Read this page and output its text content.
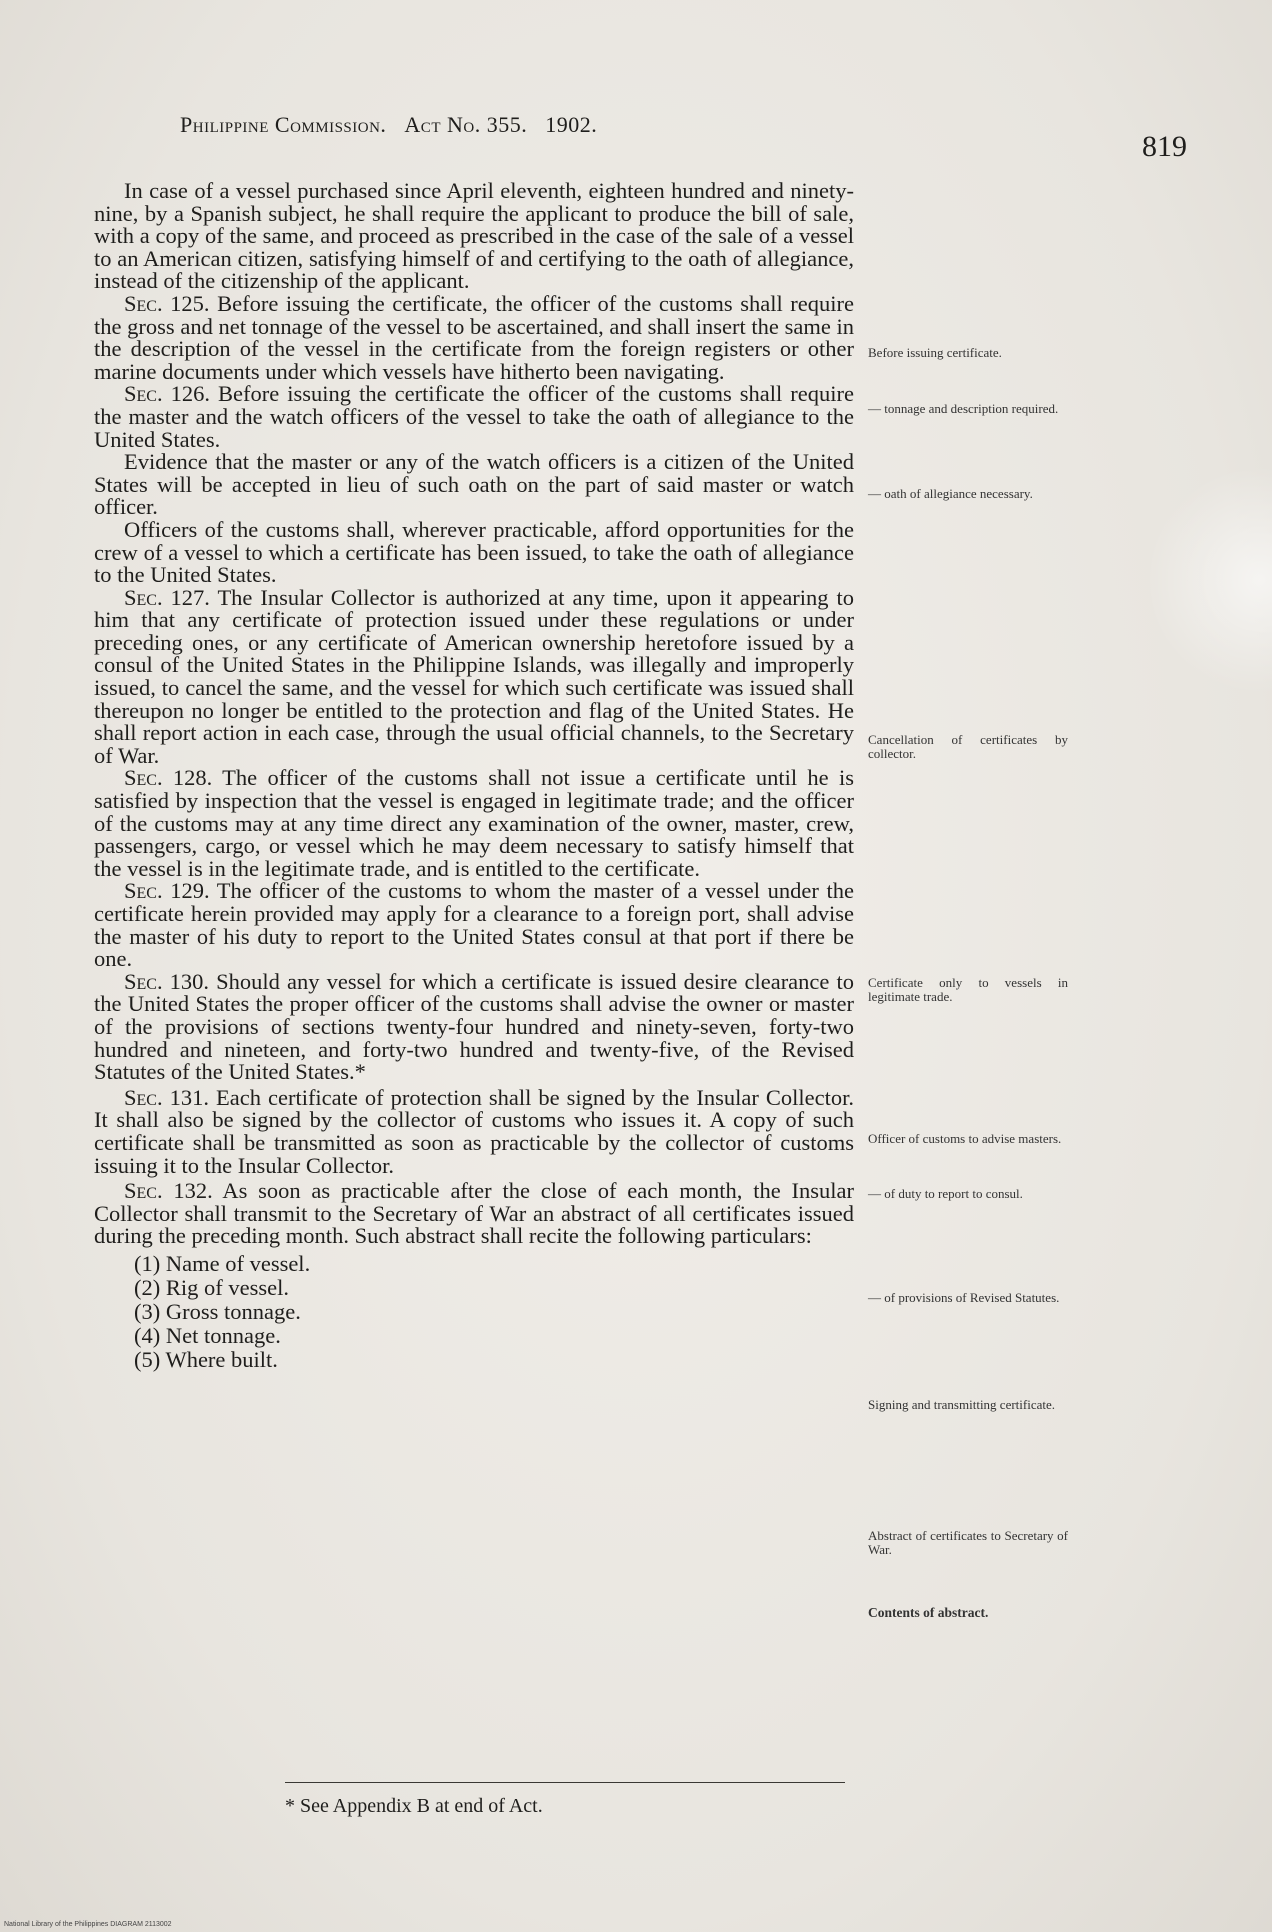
Philippine Commission. Act No. 355. 1902.
819

In case of a vessel purchased since April eleventh, eighteen hundred and ninety-nine, by a Spanish subject, he shall require the applicant to produce the bill of sale, with a copy of the same, and proceed as prescribed in the case of the sale of a vessel to an American citizen, satisfying himself of and certifying to the oath of allegiance, instead of the citizenship of the applicant.

Sec. 125. Before issuing the certificate, the officer of the customs shall require the gross and net tonnage of the vessel to be ascertained, and shall insert the same in the description of the vessel in the certificate from the foreign registers or other marine documents under which vessels have hitherto been navigating.

Sec. 126. Before issuing the certificate the officer of the customs shall require the master and the watch officers of the vessel to take the oath of allegiance to the United States.

Evidence that the master or any of the watch officers is a citizen of the United States will be accepted in lieu of such oath on the part of said master or watch officer.

Officers of the customs shall, wherever practicable, afford opportunities for the crew of a vessel to which a certificate has been issued, to take the oath of allegiance to the United States.

Sec. 127. The Insular Collector is authorized at any time, upon it appearing to him that any certificate of protection issued under these regulations or under preceding ones, or any certificate of American ownership heretofore issued by a consul of the United States in the Philippine Islands, was illegally and improperly issued, to cancel the same, and the vessel for which such certificate was issued shall thereupon no longer be entitled to the protection and flag of the United States. He shall report action in each case, through the usual official channels, to the Secretary of War.

Sec. 128. The officer of the customs shall not issue a certificate until he is satisfied by inspection that the vessel is engaged in legitimate trade; and the officer of the customs may at any time direct any examination of the owner, master, crew, passengers, cargo, or vessel which he may deem necessary to satisfy himself that the vessel is in the legitimate trade, and is entitled to the certificate.

Sec. 129. The officer of the customs to whom the master of a vessel under the certificate herein provided may apply for a clearance to a foreign port, shall advise the master of his duty to report to the United States consul at that port if there be one.

Sec. 130. Should any vessel for which a certificate is issued desire clearance to the United States the proper officer of the customs shall advise the owner or master of the provisions of sections twenty-four hundred and ninety-seven, forty-two hundred and nineteen, and forty-two hundred and twenty-five, of the Revised Statutes of the United States.*

Sec. 131. Each certificate of protection shall be signed by the Insular Collector. It shall also be signed by the collector of customs who issues it. A copy of such certificate shall be transmitted as soon as practicable by the collector of customs issuing it to the Insular Collector.

Sec. 132. As soon as practicable after the close of each month, the Insular Collector shall transmit to the Secretary of War an abstract of all certificates issued during the preceding month. Such abstract shall recite the following particulars:

(1) Name of vessel.
(2) Rig of vessel.
(3) Gross tonnage.
(4) Net tonnage.
(5) Where built.
Before issuing certificate.
— tonnage and description required.
— oath of allegiance necessary.
Cancellation of certificates by collector.
Certificate only to vessels in legitimate trade.
Officer of customs to advise masters.
— of duty to report to consul.
— of provisions of Revised Statutes.
Signing and transmitting certificate.
Abstract of certificates to Secretary of War.
Contents of abstract.
* See Appendix B at end of Act.
National Library of the Philippines DIAGRAM 2113002
